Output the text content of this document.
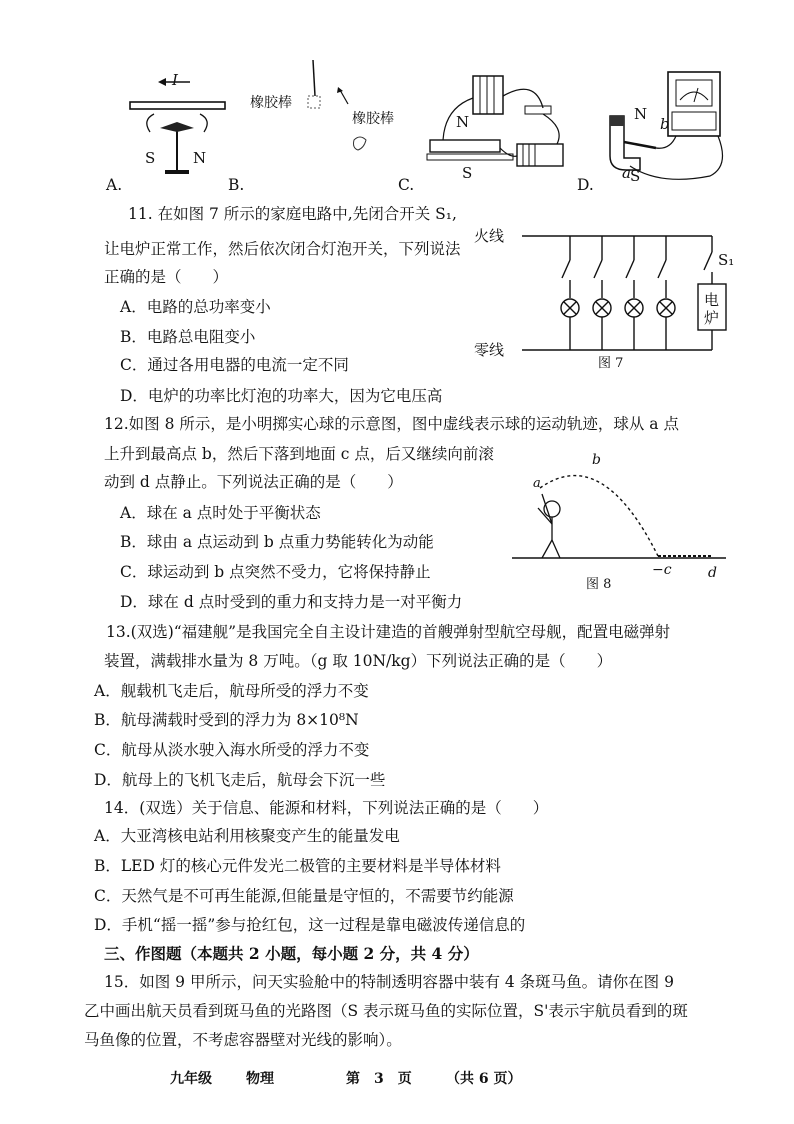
I
S	N
A.
橡胶棒
橡胶棒
B.
N
S
C.
N
b
a S
D.
11. 在如图 7 所示的家庭电路中,先闭合开关 S₁,
让电炉正常工作，然后依次闭合灯泡开关，下列说法
正确的是（　　）
A．电路的总功率变小
B．电路总电阻变小
C．通过各用电器的电流一定不同
D．电炉的功率比灯泡的功率大，因为它电压高
火线
零线
S₁
电
炉
图 7
12.如图 8 所示，是小明掷实心球的示意图，图中虚线表示球的运动轨迹，球从 a 点
上升到最高点 b，然后下落到地面 c 点，后又继续向前滚
动到 d 点静止。下列说法正确的是（　　）
A．球在 a 点时处于平衡状态
B．球由 a 点运动到 b 点重力势能转化为动能
C．球运动到 b 点突然不受力，它将保持静止
D．球在 d 点时受到的重力和支持力是一对平衡力
a
b
−c	d
图 8
13.(双选)“福建舰”是我国完全自主设计建造的首艘弹射型航空母舰，配置电磁弹射
装置，满载排水量为 8 万吨。（g 取 10N/kg）下列说法正确的是（　　）
A．舰载机飞走后，航母所受的浮力不变
B．航母满载时受到的浮力为 8×10⁸N
C．航母从淡水驶入海水所受的浮力不变
D．航母上的飞机飞走后，航母会下沉一些
14．(双选）关于信息、能源和材料，下列说法正确的是（　　）
A．大亚湾核电站利用核聚变产生的能量发电
B．LED 灯的核心元件发光二极管的主要材料是半导体材料
C．天然气是不可再生能源,但能量是守恒的，不需要节约能源
D．手机“摇一摇”参与抢红包，这一过程是靠电磁波传递信息的
三、作图题（本题共 2 小题，每小题 2 分，共 4 分）
15．如图 9 甲所示，问天实验舱中的特制透明容器中装有 4 条斑马鱼。请你在图 9
乙中画出航天员看到斑马鱼的光路图（S 表示斑马鱼的实际位置，S'表示宇航员看到的斑
马鱼像的位置，不考虑容器壁对光线的影响）。
九年级 物理	第　3　页 （共 6 页）
